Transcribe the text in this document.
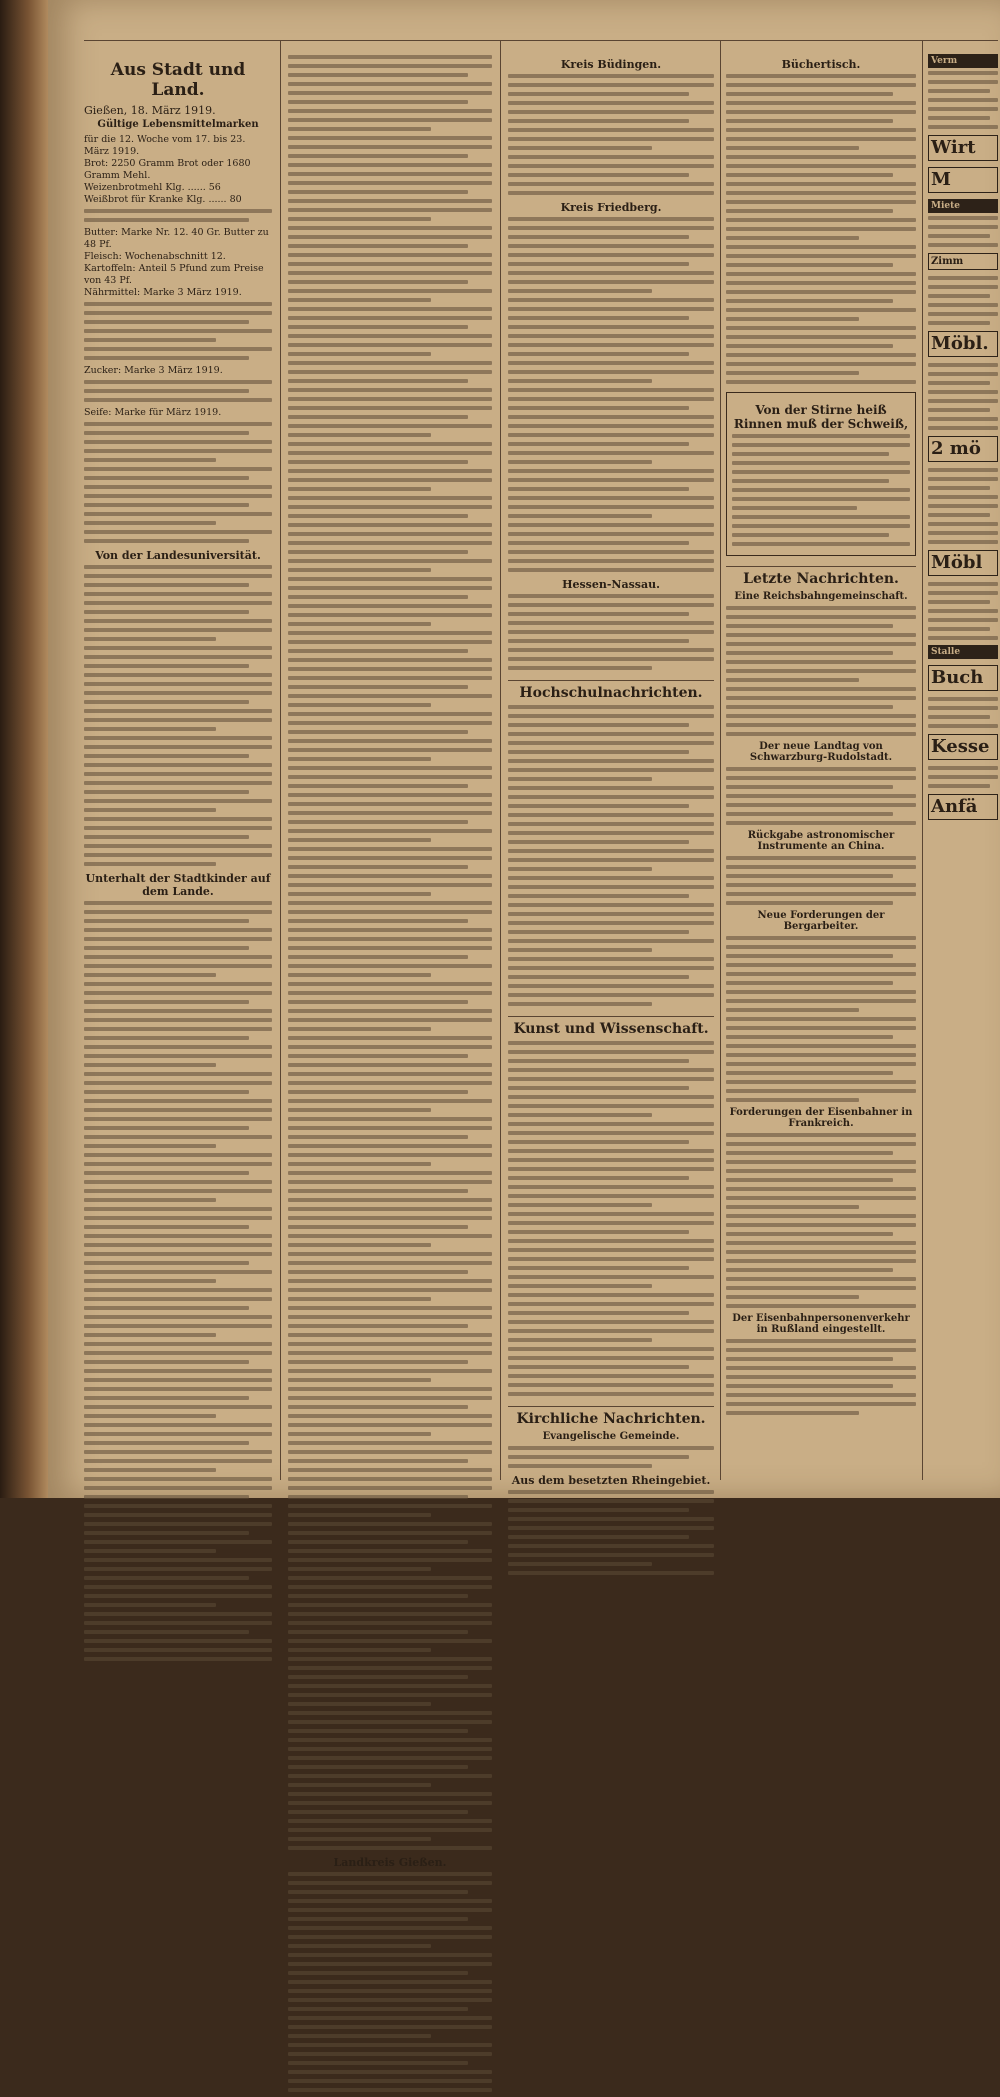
Aus Stadt und Land.
Gießen, 18. März 1919.
Gültige Lebensmittelmarken
für die 12. Woche vom 17. bis 23. März 1919.
Brot: 2250 Gramm Brot oder 1680 Gramm Mehl.
Weizenbrotmehl Klg. ...... 56
Weißbrot für Kranke Klg. ...... 80
Butter: Marke Nr. 12. 40 Gr. Butter zu 48 Pf.
Fleisch: Wochenabschnitt 12.
Kartoffeln: Anteil 5 Pfund zum Preise von 43 Pf.
Nährmittel: Marke 3 März 1919.
Zucker: Marke 3 März 1919.
Seife: Marke für März 1919.
Von der Landesuniversität.
Unterhalt der Stadtkinder auf dem Lande.
Landkreis Gießen.
Kreis Büdingen.
Kreis Friedberg.
Hessen-Nassau.
Hochschulnachrichten.
Kunst und Wissenschaft.
Kirchliche Nachrichten.
Evangelische Gemeinde.
Aus dem besetzten Rheingebiet.
Büchertisch.
Von der Stirne heiß Rinnen muß der Schweiß,
Letzte Nachrichten.
Eine Reichsbahngemeinschaft.
Der neue Landtag von Schwarzburg-Rudolstadt.
Rückgabe astronomischer Instrumente an China.
Neue Forderungen der Bergarbeiter.
Forderungen der Eisenbahner in Frankreich.
Der Eisenbahnpersonenverkehr in Rußland eingestellt.
Verm
Wirt
M
Miete
Zimm
Möbl.
2 mö
Möbl
Stalle
Buch
Kesse
Anfä
